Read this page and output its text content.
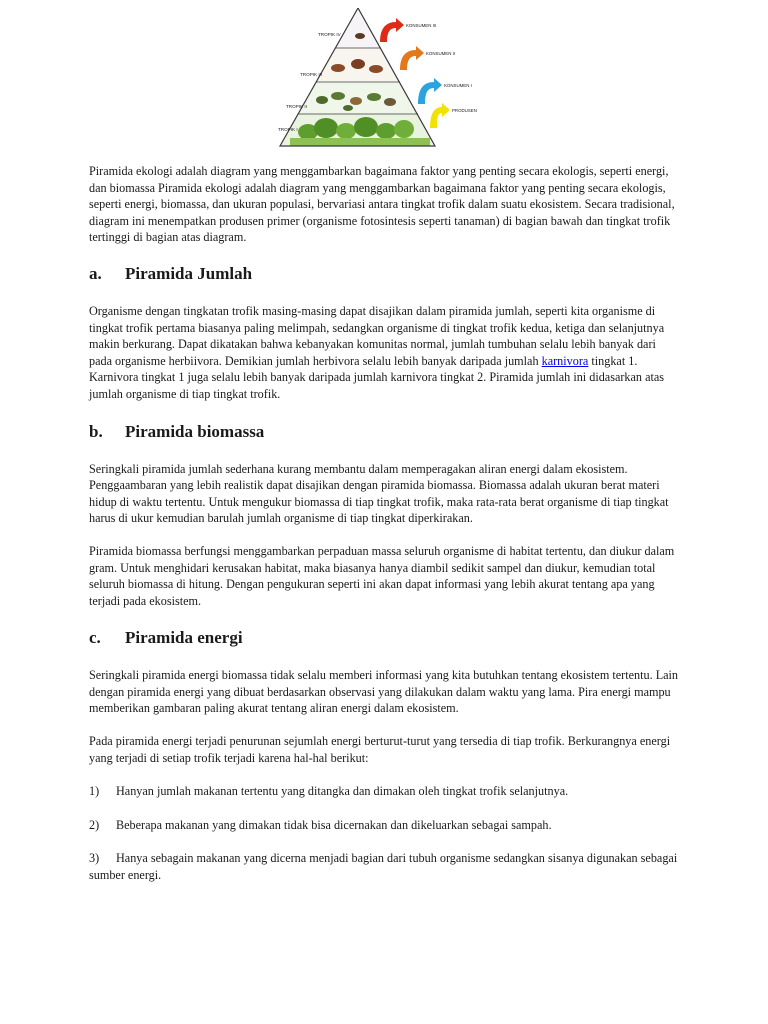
TROPIK IV
TROPIK III
TROPIK II
TROPIK I
KONSUMEN III
KONSUMEN II
KONSUMEN I
PRODUSEN

Piramida ekologi adalah diagram yang menggambarkan bagaimana faktor yang penting secara ekologis, seperti energi, dan biomassa Piramida ekologi adalah diagram yang menggambarkan bagaimana faktor yang penting secara ekologis, seperti energi, biomassa, dan ukuran populasi, bervariasi antara tingkat trofik dalam suatu ekosistem. Secara tradisional, diagram ini menempatkan produsen primer (organisme fotosintesis seperti tanaman) di bagian bawah dan tingkat trofik tertinggi di bagian atas diagram.

a. Piramida Jumlah

Organisme dengan tingkatan trofik masing-masing dapat disajikan dalam piramida jumlah, seperti kita organisme di tingkat trofik pertama biasanya paling melimpah, sedangkan organisme di tingkat trofik kedua, ketiga dan selanjutnya makin berkurang. Dapat dikatakan bahwa kebanyakan komunitas normal, jumlah tumbuhan selalu lebih banyak dari pada organisme herbiivora. Demikian jumlah herbivora selalu lebih banyak daripada jumlah karnivora tingkat 1. Karnivora tingkat 1 juga selalu lebih banyak daripada jumlah karnivora tingkat 2. Piramida jumlah ini didasarkan atas jumlah organisme di tiap tingkat trofik.

b. Piramida biomassa

Seringkali piramida jumlah sederhana kurang membantu dalam memperagakan aliran energi dalam ekosistem. Penggaambaran yang lebih realistik dapat disajikan dengan piramida biomassa. Biomassa adalah ukuran berat materi hidup di waktu tertentu. Untuk mengukur biomassa di tiap tingkat trofik, maka rata-rata berat organisme di tiap tingkat harus di ukur kemudian barulah jumlah organisme di tiap tingkat diperkirakan.

Piramida biomassa berfungsi menggambarkan perpaduan massa seluruh organisme di habitat tertentu, dan diukur dalam gram. Untuk menghidari kerusakan habitat, maka biasanya hanya diambil sedikit sampel dan diukur, kemudian total seluruh biomassa di hitung. Dengan pengukuran seperti ini akan dapat informasi yang lebih akurat tentang apa yang terjadi pada ekosistem.

c. Piramida energi

Seringkali piramida energi biomassa tidak selalu memberi informasi yang kita butuhkan tentang ekosistem tertentu. Lain dengan piramida energi yang dibuat berdasarkan observasi yang dilakukan dalam waktu yang lama. Pira energi mampu memberikan gambaran paling akurat tentang aliran energi dalam ekosistem.

Pada piramida energi terjadi penurunan sejumlah energi berturut-turut yang tersedia di tiap trofik. Berkurangnya energi yang terjadi di setiap trofik terjadi karena hal-hal berikut:

1) Hanyan jumlah makanan tertentu yang ditangka dan dimakan oleh tingkat trofik selanjutnya.

2) Beberapa makanan yang dimakan tidak bisa dicernakan dan dikeluarkan sebagai sampah.

3) Hanya sebagain makanan yang dicerna menjadi bagian dari tubuh organisme sedangkan sisanya digunakan sebagai sumber energi.
